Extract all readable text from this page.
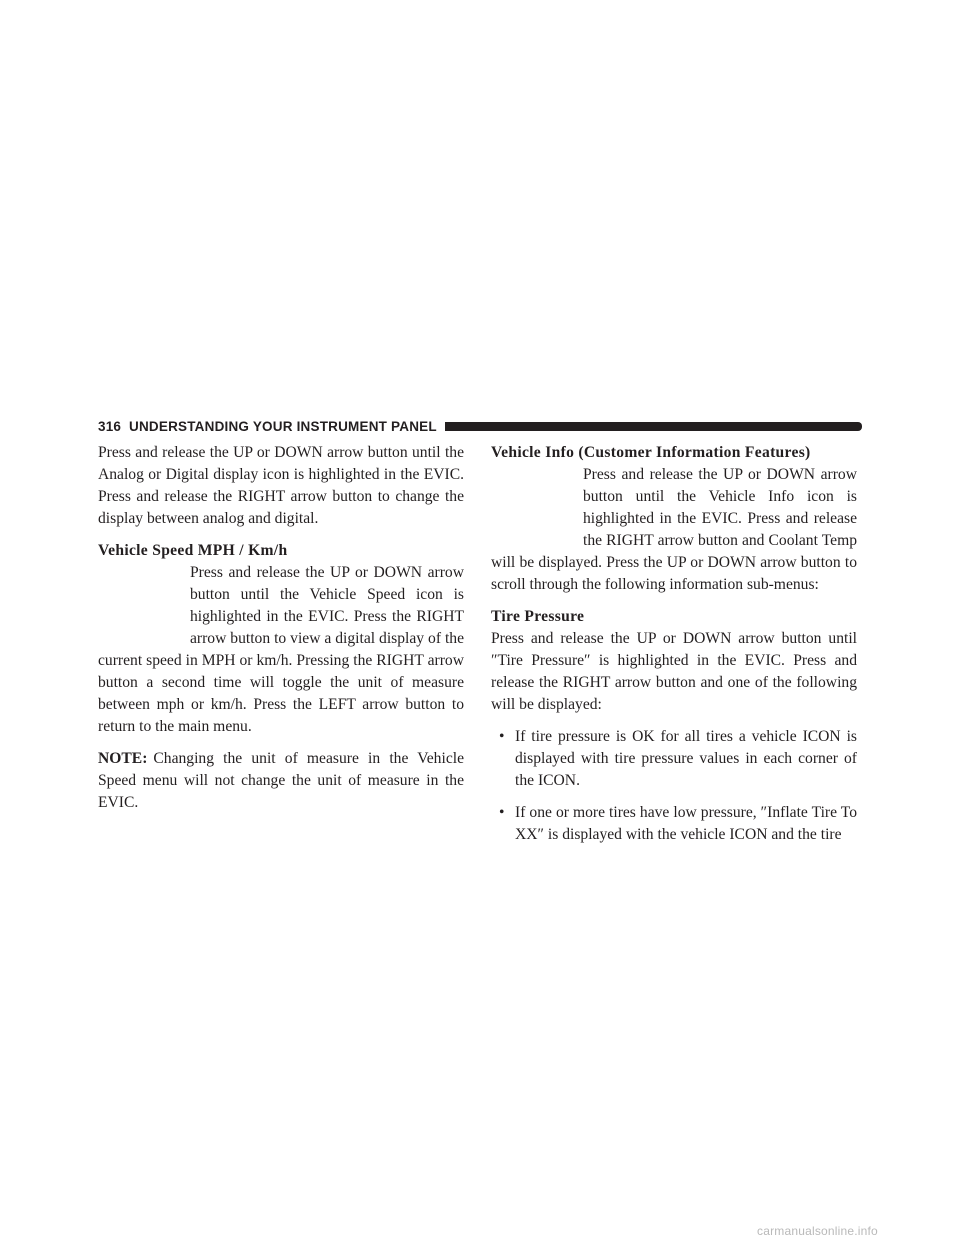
316 UNDERSTANDING YOUR INSTRUMENT PANEL

Press and release the UP or DOWN arrow button until the Analog or Digital display icon is highlighted in the EVIC. Press and release the RIGHT arrow button to change the display between analog and digital.

Vehicle Speed MPH / Km/h

Press and release the UP or DOWN arrow button until the Vehicle Speed icon is highlighted in the EVIC. Press the RIGHT arrow button to view a digital display of the current speed in MPH or km/h. Pressing the RIGHT arrow button a second time will toggle the unit of measure between mph or km/h. Press the LEFT arrow button to return to the main menu.

NOTE: Changing the unit of measure in the Vehicle Speed menu will not change the unit of measure in the EVIC.

Vehicle Info (Customer Information Features)

Press and release the UP or DOWN arrow button until the Vehicle Info icon is highlighted in the EVIC. Press and release the RIGHT arrow button and Coolant Temp will be displayed. Press the UP or DOWN arrow button to scroll through the following information sub-menus:

Tire Pressure

Press and release the UP or DOWN arrow button until ″Tire Pressure″ is highlighted in the EVIC. Press and release the RIGHT arrow button and one of the following will be displayed:

• If tire pressure is OK for all tires a vehicle ICON is displayed with tire pressure values in each corner of the ICON.
• If one or more tires have low pressure, ″Inflate Tire To XX″ is displayed with the vehicle ICON and the tire
carmanualsonline.info
